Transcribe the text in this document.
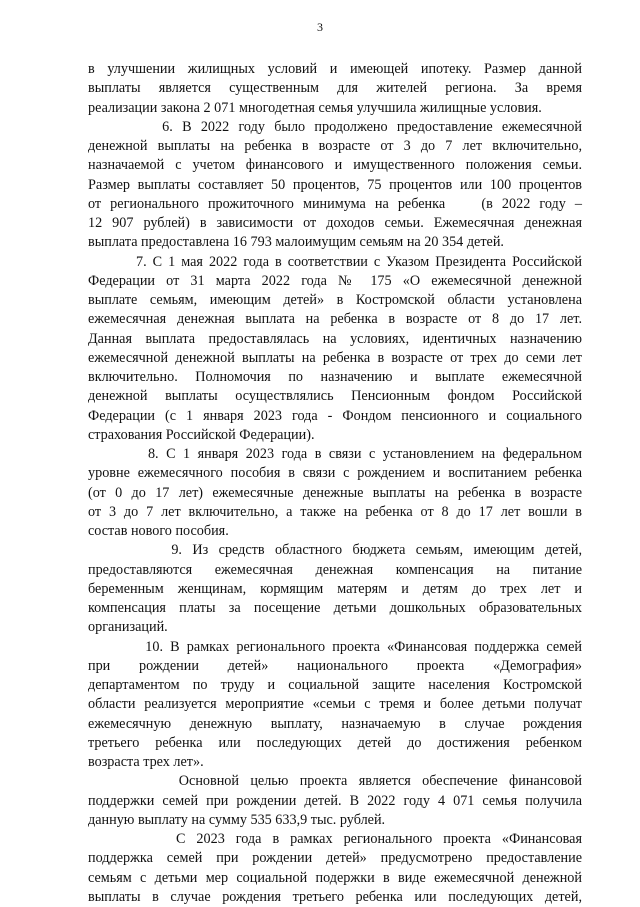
3
в улучшении жилищных условий и имеющей ипотеку. Размер данной
выплаты является существенным для жителей региона. За время
реализации закона 2 071 многодетная семья улучшила жилищные условия.
6. В 2022 году было продолжено предоставление ежемесячной
денежной выплаты на ребенка в возрасте от 3 до 7 лет включительно,
назначаемой с учетом финансового и имущественного положения семьи.
Размер выплаты составляет 50 процентов, 75 процентов или 100 процентов
от регионального прожиточного минимума на ребенка    (в 2022 году –
12 907 рублей) в зависимости от доходов семьи. Ежемесячная денежная
выплата предоставлена 16 793 малоимущим семьям на 20 354 детей.
7. С 1 мая 2022 года в соответствии с Указом Президента Российской
Федерации от 31 марта 2022 года № 175 «О ежемесячной денежной
выплате семьям, имеющим детей» в Костромской области установлена
ежемесячная денежная выплата на ребенка в возрасте от 8 до 17 лет.
Данная выплата предоставлялась на условиях, идентичных назначению
ежемесячной денежной выплаты на ребенка в возрасте от трех до семи лет
включительно. Полномочия по назначению и выплате ежемесячной
денежной выплаты осуществлялись Пенсионным фондом Российской
Федерации (с 1 января 2023 года - Фондом пенсионного и социального
страхования Российской Федерации).
8. С 1 января 2023 года в связи с установлением на федеральном
уровне ежемесячного пособия в связи с рождением и воспитанием ребенка
(от 0 до 17 лет) ежемесячные денежные выплаты на ребенка в возрасте
от 3 до 7 лет включительно, а также на ребенка от 8 до 17 лет вошли в
состав нового пособия.
9. Из средств областного бюджета семьям, имеющим детей,
предоставляются ежемесячная денежная компенсация на питание
беременным женщинам, кормящим матерям и детям до трех лет и
компенсация платы за посещение детьми дошкольных образовательных
организаций.
10. В рамках регионального проекта «Финансовая поддержка семей
при рождении детей» национального проекта «Демография»
департаментом по труду и социальной защите населения Костромской
области реализуется мероприятие «семьи с тремя и более детьми получат
ежемесячную денежную выплату, назначаемую в случае рождения
третьего ребенка или последующих детей до достижения ребенком
возраста трех лет».
Основной целью проекта является обеспечение финансовой
поддержки семей при рождении детей. В 2022 году 4 071 семья получила
данную выплату на сумму 535 633,9 тыс. рублей.
С 2023 года в рамках регионального проекта «Финансовая
поддержка семей при рождении детей» предусмотрено предоставление
семьям с детьми мер социальной подержки в виде ежемесячной денежной
выплаты в случае рождения третьего ребенка или последующих детей,
